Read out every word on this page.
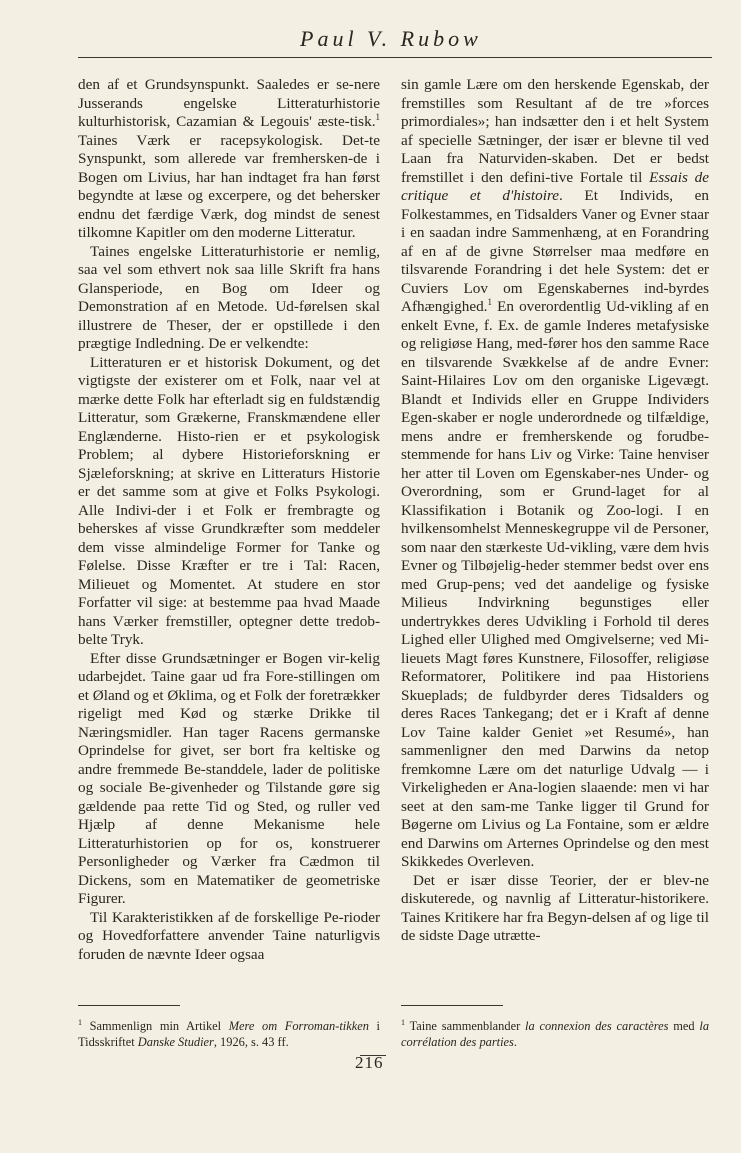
Paul V. Rubow

den af et Grundsynspunkt. Saaledes er se-nere Jusserands engelske Litteraturhistorie kulturhistorisk, Cazamian & Legouis' æste-tisk.$^1$ Taines Værk er racepsykologisk. Det-te Synspunkt, som allerede var fremhersken-de i Bogen om Livius, har han indtaget fra han først begyndte at læse og excerpere, og det behersker endnu det færdige Værk, dog mindst de senest tilkomne Kapitler om den moderne Litteratur.

Taines engelske Litteraturhistorie er nemlig, saa vel som ethvert nok saa lille Skrift fra hans Glansperiode, en Bog om Ideer og Demonstration af en Metode. Ud-førelsen skal illustrere de Theser, der er opstillede i den prægtige Indledning. De er velkendte:

Litteraturen er et historisk Dokument, og det vigtigste der existerer om et Folk, naar vel at mærke dette Folk har efterladt sig en fuldstændig Litteratur, som Grækerne, Franskmændene eller Englænderne. Histo-rien er et psykologisk Problem; al dybere Historieforskning er Sjæleforskning; at skrive en Litteraturs Historie er det samme som at give et Folks Psykologi. Alle Indivi-der i et Folk er frembragte og beherskes af visse Grundkræfter som meddeler dem visse almindelige Former for Tanke og Følelse. Disse Kræfter er tre i Tal: Racen, Milieuet og Momentet. At studere en stor Forfatter vil sige: at bestemme paa hvad Maade hans Værker fremstiller, optegner dette tredob-belte Tryk.

Efter disse Grundsætninger er Bogen vir-kelig udarbejdet. Taine gaar ud fra Fore-stillingen om et Øland og et Øklima, og et Folk der foretrækker rigeligt med Kød og stærke Drikke til Næringsmidler. Han tager Racens germanske Oprindelse for givet, ser bort fra keltiske og andre fremmede Be-standdele, lader de politiske og sociale Be-givenheder og Tilstande gøre sig gældende paa rette Tid og Sted, og ruller ved Hjælp af denne Mekanisme hele Litteraturhistorien op for os, konstruerer Personligheder og Værker fra Cædmon til Dickens, som en Matematiker de geometriske Figurer.

Til Karakteristikken af de forskellige Pe-rioder og Hovedforfattere anvender Taine naturligvis foruden de nævnte Ideer ogsaa

sin gamle Lære om den herskende Egenskab, der fremstilles som Resultant af de tre »forces primordiales»; han indsætter den i et helt System af specielle Sætninger, der især er blevne til ved Laan fra Naturviden-skaben. Det er bedst fremstillet i den defini-tive Fortale til Essais de critique et d'histoire. Et Individs, en Folkestammes, en Tidsalders Vaner og Evner staar i en saadan indre Sammenhæng, at en Forandring af en af de givne Størrelser maa medføre en tilsvarende Forandring i det hele System: det er Cuviers Lov om Egenskabernes ind-byrdes Afhængighed.$^1$ En overordentlig Ud-vikling af en enkelt Evne, f. Ex. de gamle Inderes metafysiske og religiøse Hang, med-fører hos den samme Race en tilsvarende Svækkelse af de andre Evner: Saint-Hilaires Lov om den organiske Ligevægt. Blandt et Individs eller en Gruppe Individers Egen-skaber er nogle underordnede og tilfældige, mens andre er fremherskende og forudbe-stemmende for hans Liv og Virke: Taine henviser her atter til Loven om Egenskaber-nes Under- og Overordning, som er Grund-laget for al Klassifikation i Botanik og Zoo-logi. I en hvilkensomhelst Menneskegruppe vil de Personer, som naar den stærkeste Ud-vikling, være dem hvis Evner og Tilbøjelig-heder stemmer bedst over ens med Grup-pens; ved det aandelige og fysiske Milieus Indvirkning begunstiges eller undertrykkes deres Udvikling i Forhold til deres Lighed eller Ulighed med Omgivelserne; ved Mi-lieuets Magt føres Kunstnere, Filosoffer, religiøse Reformatorer, Politikere ind paa Historiens Skueplads; de fuldbyrder deres Tidsalders og deres Races Tankegang; det er i Kraft af denne Lov Taine kalder Geniet »et Resumé», han sammenligner den med Darwins da netop fremkomne Lære om det naturlige Udvalg — i Virkeligheden er Ana-logien slaaende: men vi har seet at den sam-me Tanke ligger til Grund for Bøgerne om Livius og La Fontaine, som er ældre end Darwins om Arternes Oprindelse og den mest Skikkedes Overleven.

Det er især disse Teorier, der er blev-ne diskuterede, og navnlig af Litteratur-historikere. Taines Kritikere har fra Begyn-delsen af og lige til de sidste Dage utrætte-

$^1$ Sammenlign min Artikel Mere om Forroman-tikken i Tidsskriftet Danske Studier, 1926, s. 43 ff.
$^1$ Taine sammenblander la connexion des caractères med la corrélation des parties.
216
